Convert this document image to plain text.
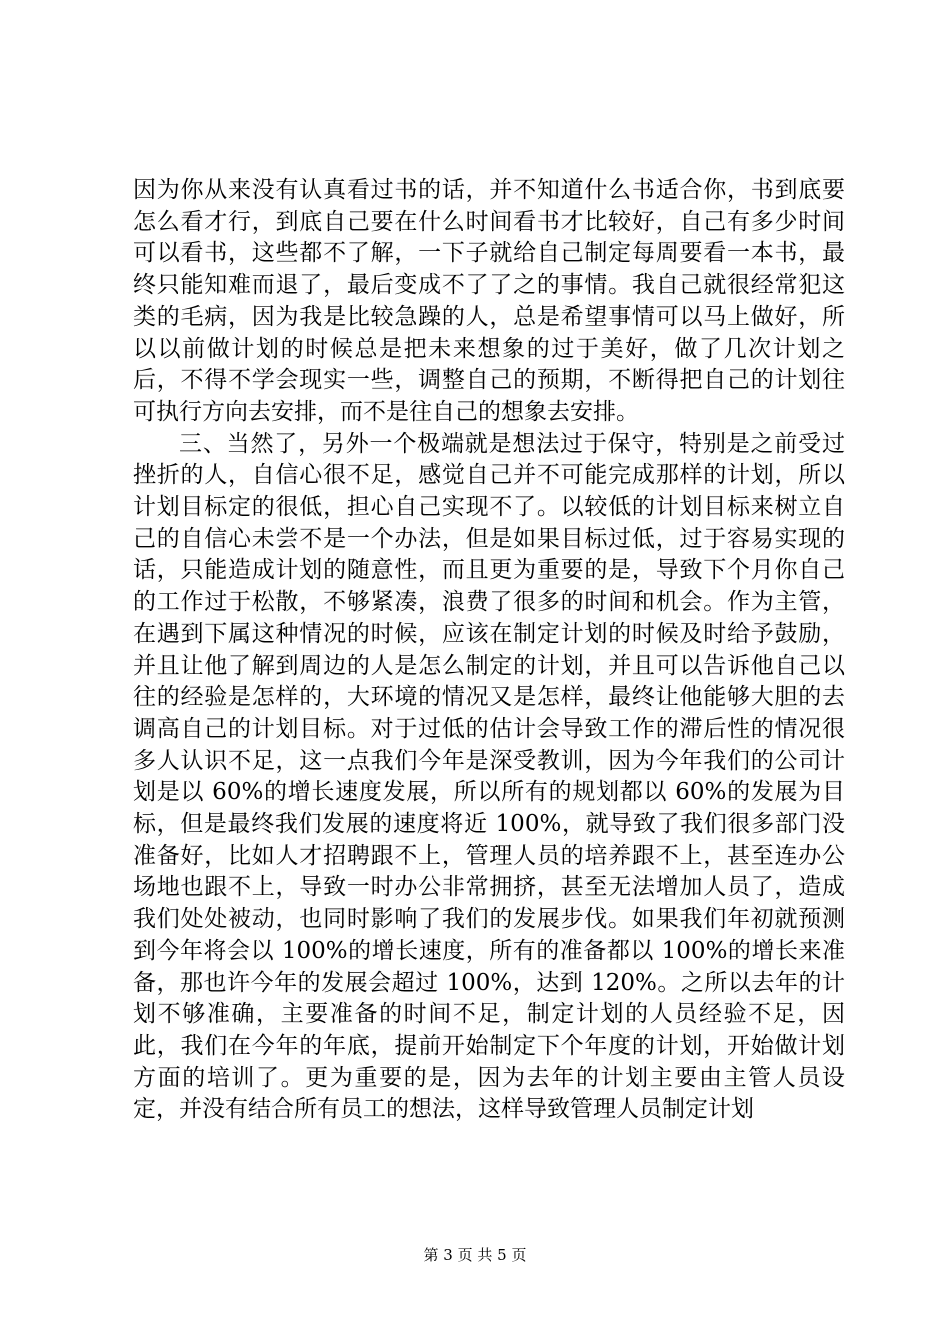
因为你从来没有认真看过书的话，并不知道什么书适合你，书到底要怎么看才行，到底自己要在什么时间看书才比较好，自己有多少时间可以看书，这些都不了解，一下子就给自己制定每周要看一本书，最终只能知难而退了，最后变成不了了之的事情。我自己就很经常犯这类的毛病，因为我是比较急躁的人，总是希望事情可以马上做好，所以以前做计划的时候总是把未来想象的过于美好，做了几次计划之后，不得不学会现实一些，调整自己的预期，不断得把自己的计划往可执行方向去安排，而不是往自己的想象去安排。

三、当然了，另外一个极端就是想法过于保守，特别是之前受过挫折的人，自信心很不足，感觉自己并不可能完成那样的计划，所以计划目标定的很低，担心自己实现不了。以较低的计划目标来树立自己的自信心未尝不是一个办法，但是如果目标过低，过于容易实现的话，只能造成计划的随意性，而且更为重要的是，导致下个月你自己的工作过于松散，不够紧凑，浪费了很多的时间和机会。作为主管，在遇到下属这种情况的时候，应该在制定计划的时候及时给予鼓励，并且让他了解到周边的人是怎么制定的计划，并且可以告诉他自己以往的经验是怎样的，大环境的情况又是怎样，最终让他能够大胆的去调高自己的计划目标。对于过低的估计会导致工作的滞后性的情况很多人认识不足，这一点我们今年是深受教训，因为今年我们的公司计划是以 60%的增长速度发展，所以所有的规划都以 60%的发展为目标，但是最终我们发展的速度将近 100%，就导致了我们很多部门没准备好，比如人才招聘跟不上，管理人员的培养跟不上，甚至连办公场地也跟不上，导致一时办公非常拥挤，甚至无法增加人员了，造成我们处处被动，也同时影响了我们的发展步伐。如果我们年初就预测到今年将会以 100%的增长速度，所有的准备都以 100%的增长来准备，那也许今年的发展会超过 100%，达到 120%。之所以去年的计划不够准确，主要准备的时间不足，制定计划的人员经验不足，因此，我们在今年的年底，提前开始制定下个年度的计划，开始做计划方面的培训了。更为重要的是，因为去年的计划主要由主管人员设定，并没有结合所有员工的想法，这样导致管理人员制定计划

第 3 页 共 5 页
